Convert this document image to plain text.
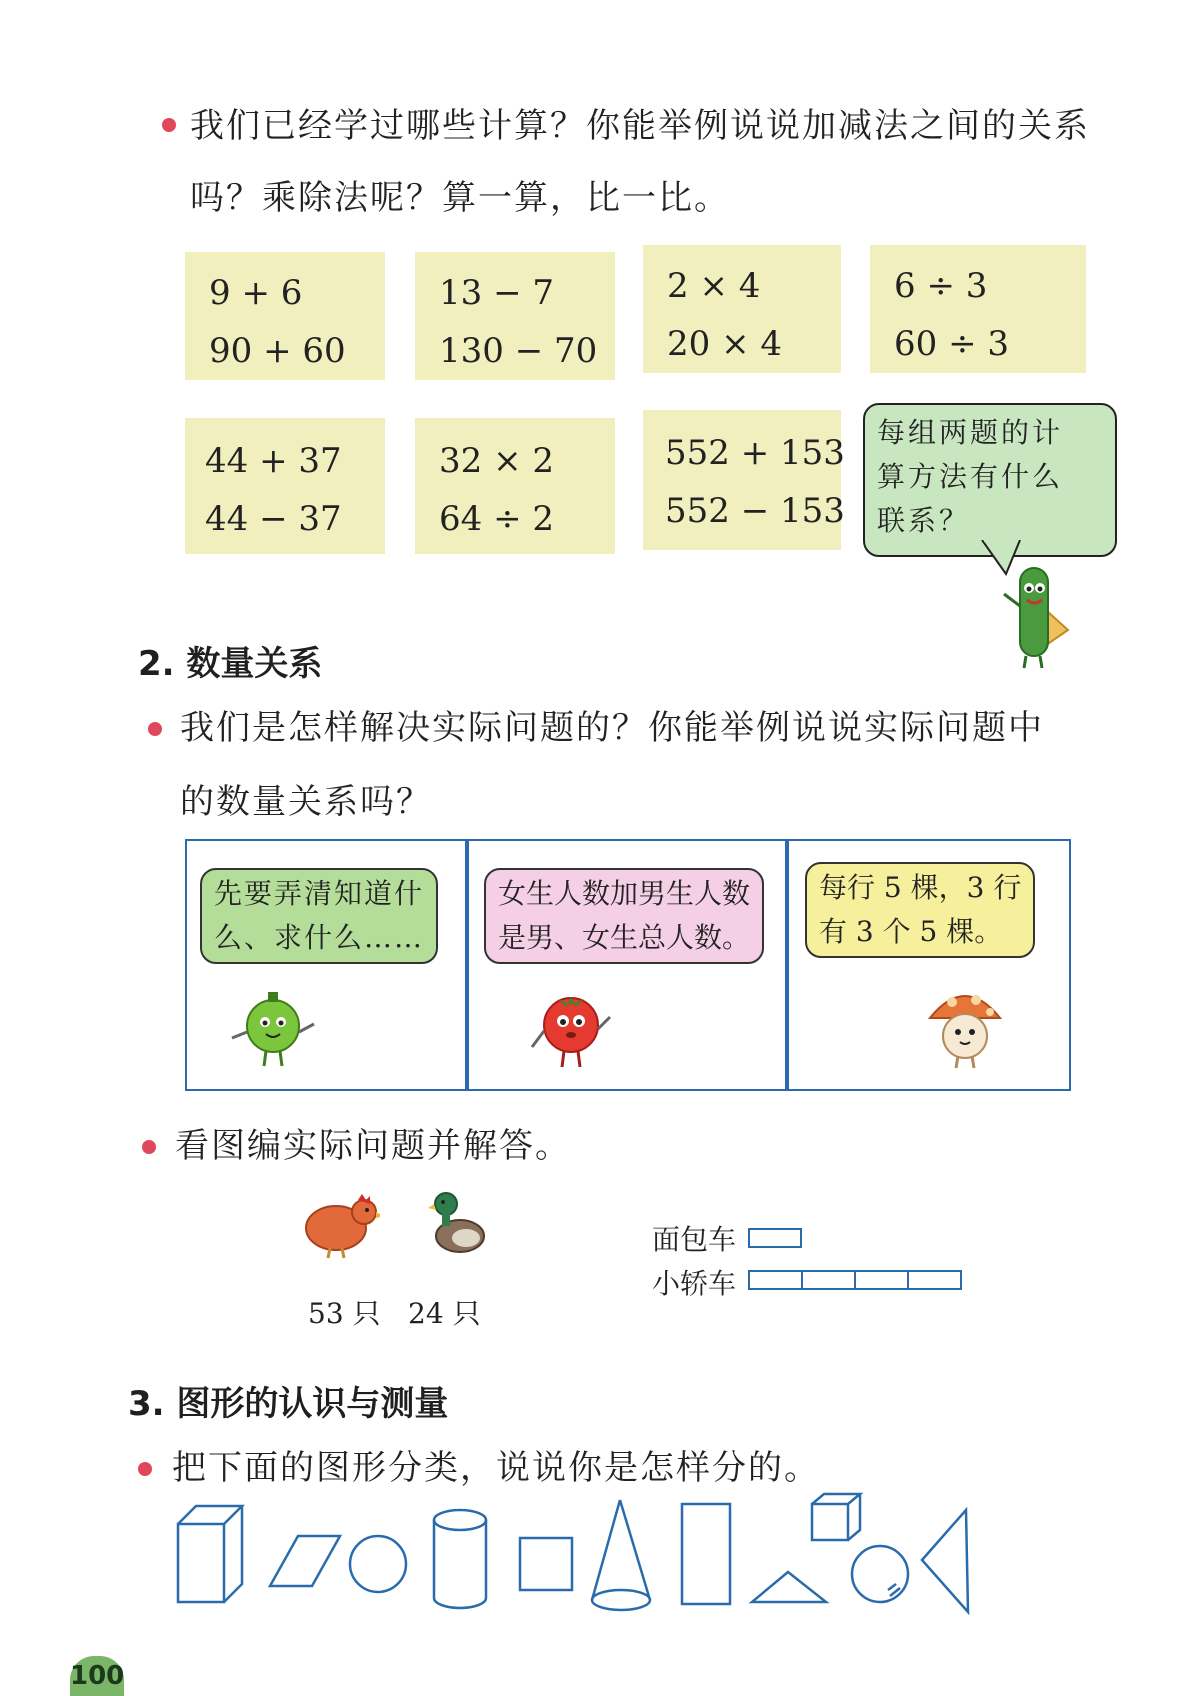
我们已经学过哪些计算？你能举例说说加减法之间的关系
吗？乘除法呢？算一算，比一比。
9 + 6
90 + 60
13 − 7
130 − 70
2 × 4
20 × 4
6 ÷ 3
60 ÷ 3
44 + 37
44 − 37
32 × 2
64 ÷ 2
552 + 153
552 − 153
每组两题的计
算方法有什么
联系？
2. 数量关系
我们是怎样解决实际问题的？你能举例说说实际问题中
的数量关系吗？
先要弄清知道什
么、求什么……
女生人数加男生人数
是男、女生总人数。
每行 5 棵，3 行
有 3 个 5 棵。
看图编实际问题并解答。
53 只 24 只
面包车
小轿车
3. 图形的认识与测量
把下面的图形分类，说说你是怎样分的。
100
